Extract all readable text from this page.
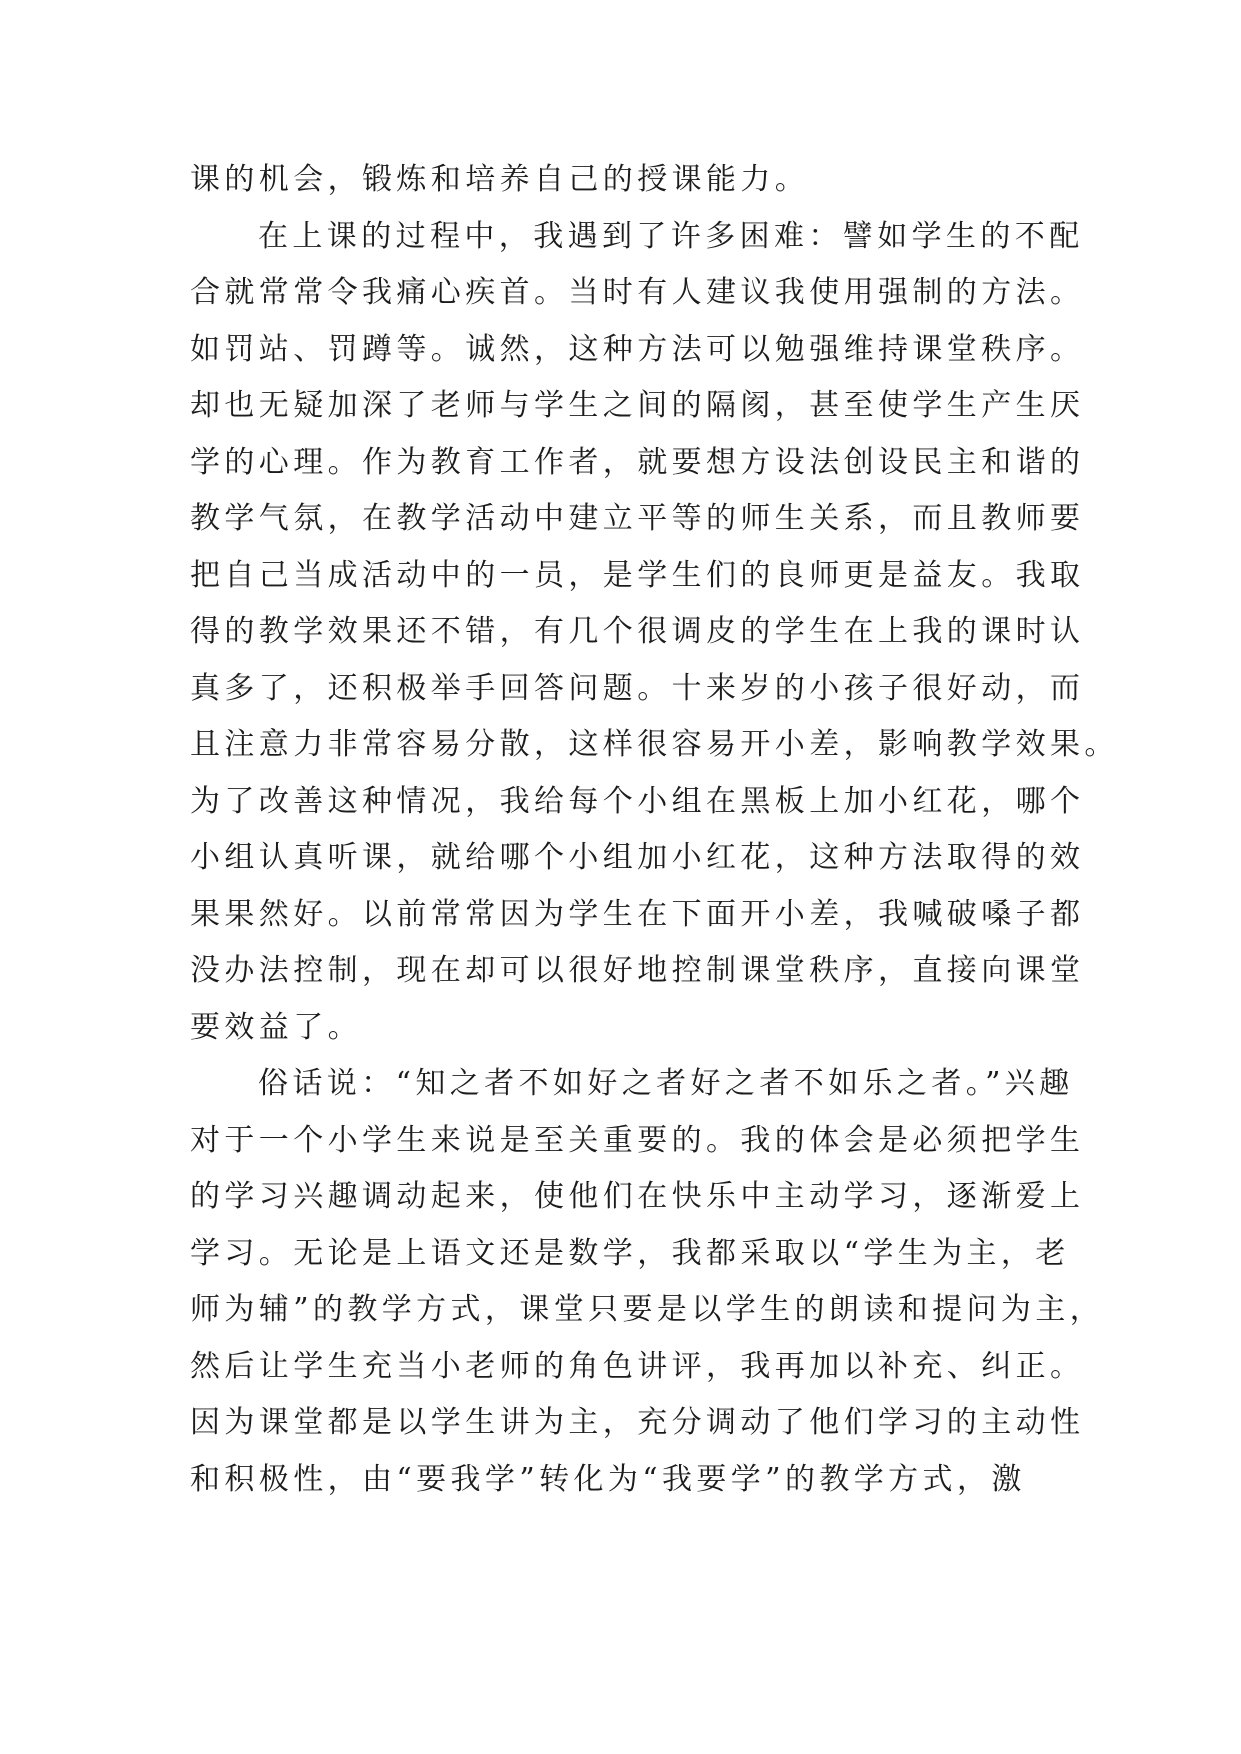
课的机会，锻炼和培养自己的授课能力。
在上课的过程中，我遇到了许多困难：譬如学生的不配
合就常常令我痛心疾首。当时有人建议我使用强制的方法。
如罚站、罚蹲等。诚然，这种方法可以勉强维持课堂秩序。
却也无疑加深了老师与学生之间的隔阂，甚至使学生产生厌
学的心理。作为教育工作者，就要想方设法创设民主和谐的
教学气氛，在教学活动中建立平等的师生关系，而且教师要
把自己当成活动中的一员，是学生们的良师更是益友。我取
得的教学效果还不错，有几个很调皮的学生在上我的课时认
真多了，还积极举手回答问题。十来岁的小孩子很好动，而
且注意力非常容易分散，这样很容易开小差，影响教学效果。
为了改善这种情况，我给每个小组在黑板上加小红花，哪个
小组认真听课，就给哪个小组加小红花，这种方法取得的效
果果然好。以前常常因为学生在下面开小差，我喊破嗓子都
没办法控制，现在却可以很好地控制课堂秩序，直接向课堂
要效益了。
俗话说：“知之者不如好之者好之者不如乐之者。”兴趣
对于一个小学生来说是至关重要的。我的体会是必须把学生
的学习兴趣调动起来，使他们在快乐中主动学习，逐渐爱上
学习。无论是上语文还是数学，我都采取以“学生为主，老
师为辅”的教学方式，课堂只要是以学生的朗读和提问为主，
然后让学生充当小老师的角色讲评，我再加以补充、纠正。
因为课堂都是以学生讲为主，充分调动了他们学习的主动性
和积极性，由“要我学”转化为“我要学”的教学方式，激
